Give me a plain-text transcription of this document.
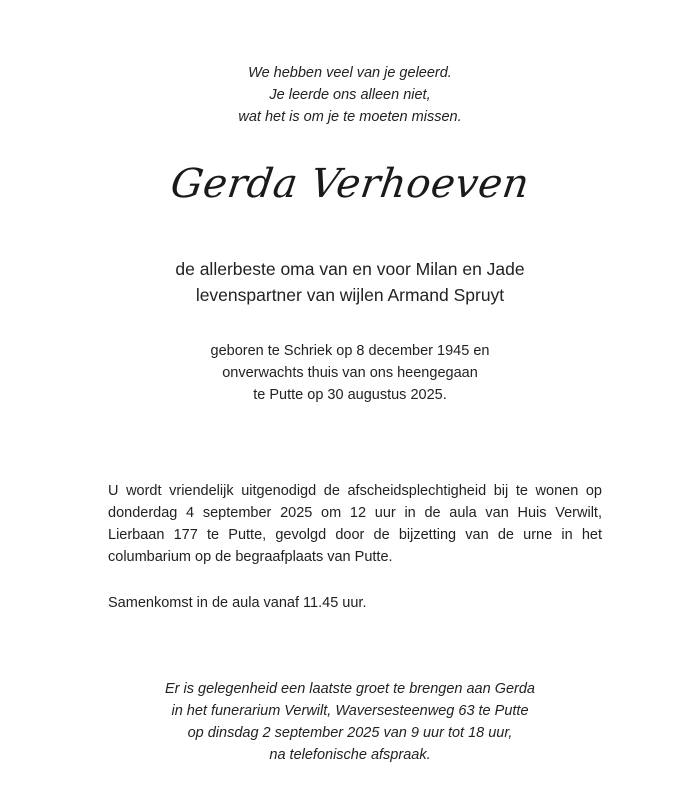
We hebben veel van je geleerd.
Je leerde ons alleen niet,
wat het is om je te moeten missen.
Gerda Verhoeven
de allerbeste oma van en voor Milan en Jade
levenspartner van wijlen Armand Spruyt
geboren te Schriek op 8 december 1945 en
onverwachts thuis van ons heengegaan
te Putte op 30 augustus 2025.
U wordt vriendelijk uitgenodigd de afscheidsplechtigheid bij te wonen op donderdag 4 september 2025 om 12 uur in de aula van Huis Verwilt, Lierbaan 177 te Putte, gevolgd door de bijzetting van de urne in het columbarium op de begraafplaats van Putte.
Samenkomst in de aula vanaf 11.45 uur.
Er is gelegenheid een laatste groet te brengen aan Gerda
in het funerarium Verwilt, Waversesteenweg 63 te Putte
op dinsdag 2 september 2025 van 9 uur tot 18 uur,
na telefonische afspraak.
